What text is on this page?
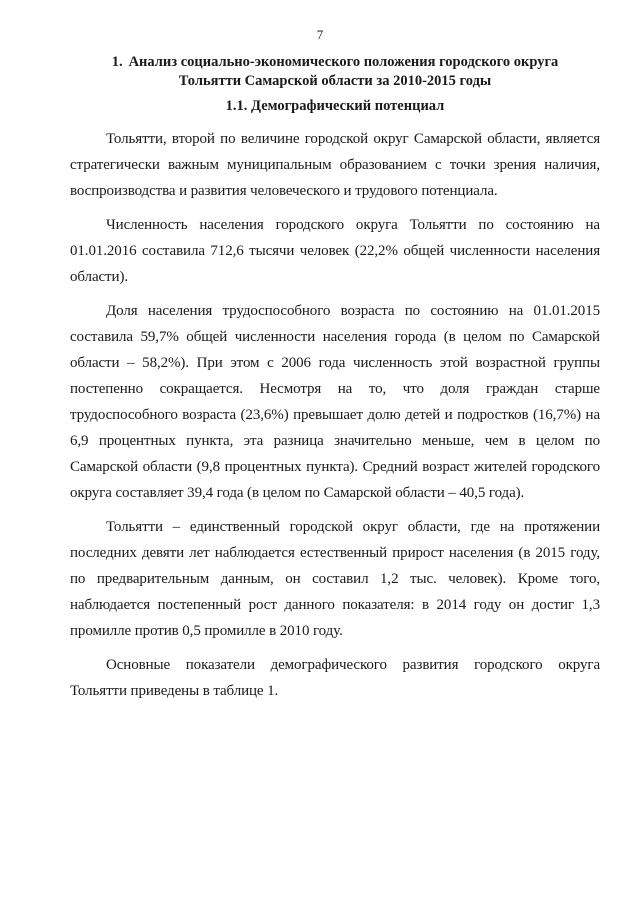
7
1. Анализ социально-экономического положения городского округа
Тольятти Самарской области за 2010-2015 годы
1.1. Демографический потенциал

Тольятти, второй по величине городской округ Самарской области, является стратегически важным муниципальным образованием с точки зрения наличия, воспроизводства и развития человеческого и трудового потенциала.

Численность населения городского округа Тольятти по состоянию на 01.01.2016 составила 712,6 тысячи человек (22,2% общей численности населения области).

Доля населения трудоспособного возраста по состоянию на 01.01.2015 составила 59,7% общей численности населения города (в целом по Самарской области – 58,2%). При этом с 2006 года численность этой возрастной группы постепенно сокращается. Несмотря на то, что доля граждан старше трудоспособного возраста (23,6%) превышает долю детей и подростков (16,7%) на 6,9 процентных пункта, эта разница значительно меньше, чем в целом по Самарской области (9,8 процентных пункта). Средний возраст жителей городского округа составляет 39,4 года (в целом по Самарской области – 40,5 года).

Тольятти – единственный городской округ области, где на протяжении последних девяти лет наблюдается естественный прирост населения (в 2015 году, по предварительным данным, он составил 1,2 тыс. человек). Кроме того, наблюдается постепенный рост данного показателя: в 2014 году он достиг 1,3 промилле против 0,5 промилле в 2010 году.

Основные показатели демографического развития городского округа Тольятти приведены в таблице 1.
